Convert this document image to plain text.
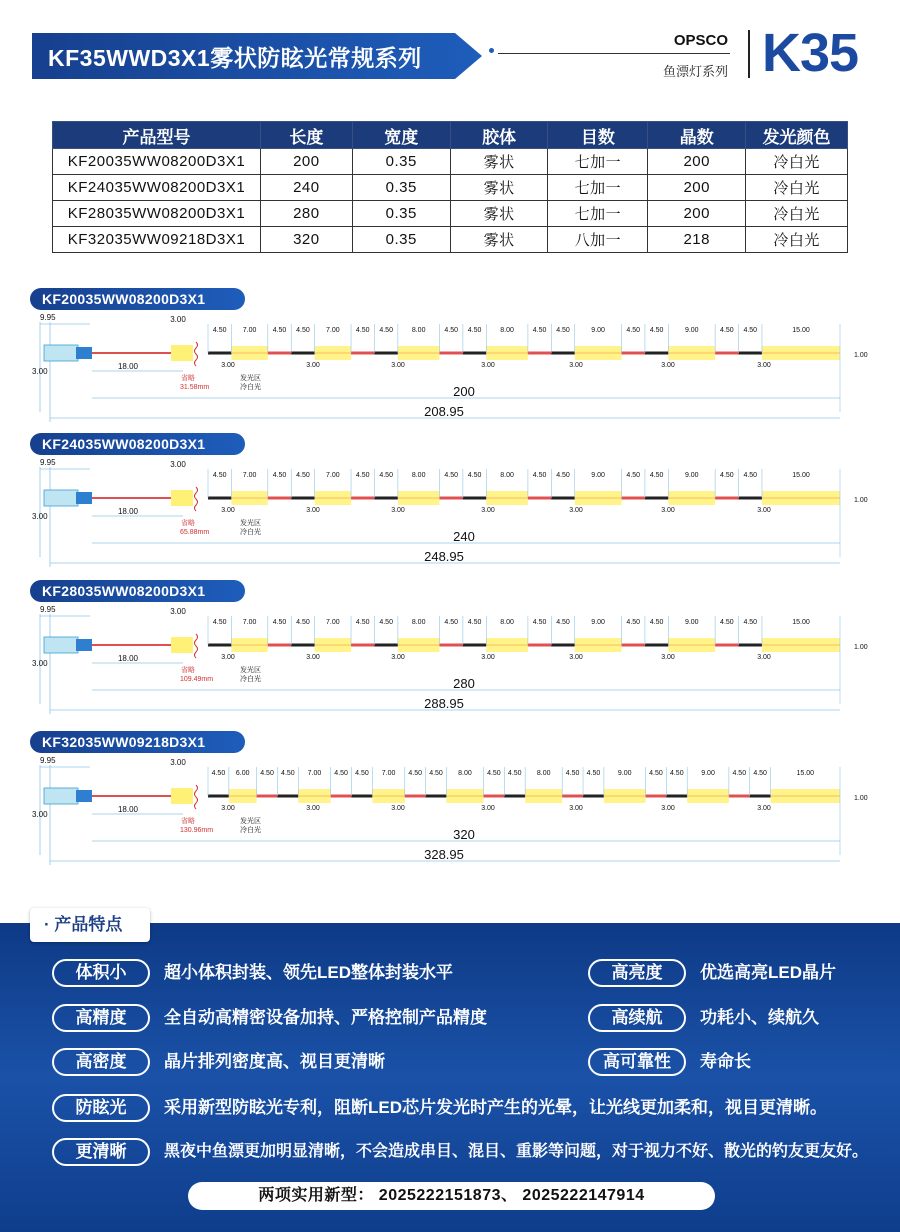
KF35WWD3X1雾状防眩光常规系列
OPSCO
鱼漂灯系列 K35
产品型号	长度	宽度	胶体	目数	晶数	发光颜色
KF20035WW08200D3X1	200	0.35	雾状	七加一	200	冷白光
KF24035WW08200D3X1	240	0.35	雾状	七加一	200	冷白光
KF28035WW08200D3X1	280	0.35	雾状	七加一	200	冷白光
KF32035WW09218D3X1	320	0.35	雾状	八加一	218	冷白光
KF20035WW08200D3X1
9.95
3.00
18.00
3.00
省略
31.58mm
发光区
冷白光
4.50 7.00 4.50 4.50 7.00 4.50 4.50	8.00	4.50 4.50	8.00	4.50 4.50	9.00	4.50 4.50	9.00	4.50 4.50	15.00
3.00	3.00	3.00	3.00	3.00	3.00	3.00
1.00
200
208.95
KF24035WW08200D3X1
9.95
3.00
18.00
3.00
省略
65.88mm
发光区
冷白光
4.50 7.00 4.50 4.50 7.00 4.50 4.50	8.00	4.50 4.50	8.00	4.50 4.50	9.00	4.50 4.50	9.00	4.50 4.50	15.00
3.00	3.00	3.00	3.00	3.00	3.00	3.00
1.00
240
248.95
KF28035WW08200D3X1
9.95
3.00
18.00
3.00
省略
109.49mm
发光区
冷白光
4.50 7.00 4.50 4.50 7.00 4.50 4.50	8.00	4.50 4.50	8.00	4.50 4.50	9.00	4.50 4.50	9.00	4.50 4.50	15.00
3.00	3.00	3.00	3.00	3.00	3.00	3.00
1.00
280
288.95
KF32035WW09218D3X1
9.95
3.00
18.00
3.00
省略
130.96mm
发光区
冷白光
4.50 6.00 4.50 4.50 7.00 4.50 4.50 7.00 4.50 4.50 8.00 4.50 4.50 8.00 4.50 4.50	9.00	4.50 4.50	9.00	4.50 4.50	15.00
3.00	3.00	3.00	3.00	3.00	3.00	3.00
1.00
320
328.95
· 产品特点
体积小	超小体积封装、领先LED整体封装水平	高亮度	优选高亮LED晶片
高精度	全自动高精密设备加持、严格控制产品精度	高续航	功耗小、续航久
高密度	晶片排列密度高、视目更清晰	高可靠性	寿命长
防眩光	采用新型防眩光专利，阻断LED芯片发光时产生的光晕，让光线更加柔和，视目更清晰。
更清晰	黑夜中鱼漂更加明显清晰，不会造成串目、混目、重影等问题，对于视力不好、散光的钓友更友好。
两项实用新型： 2025222151873、 2025222147914
